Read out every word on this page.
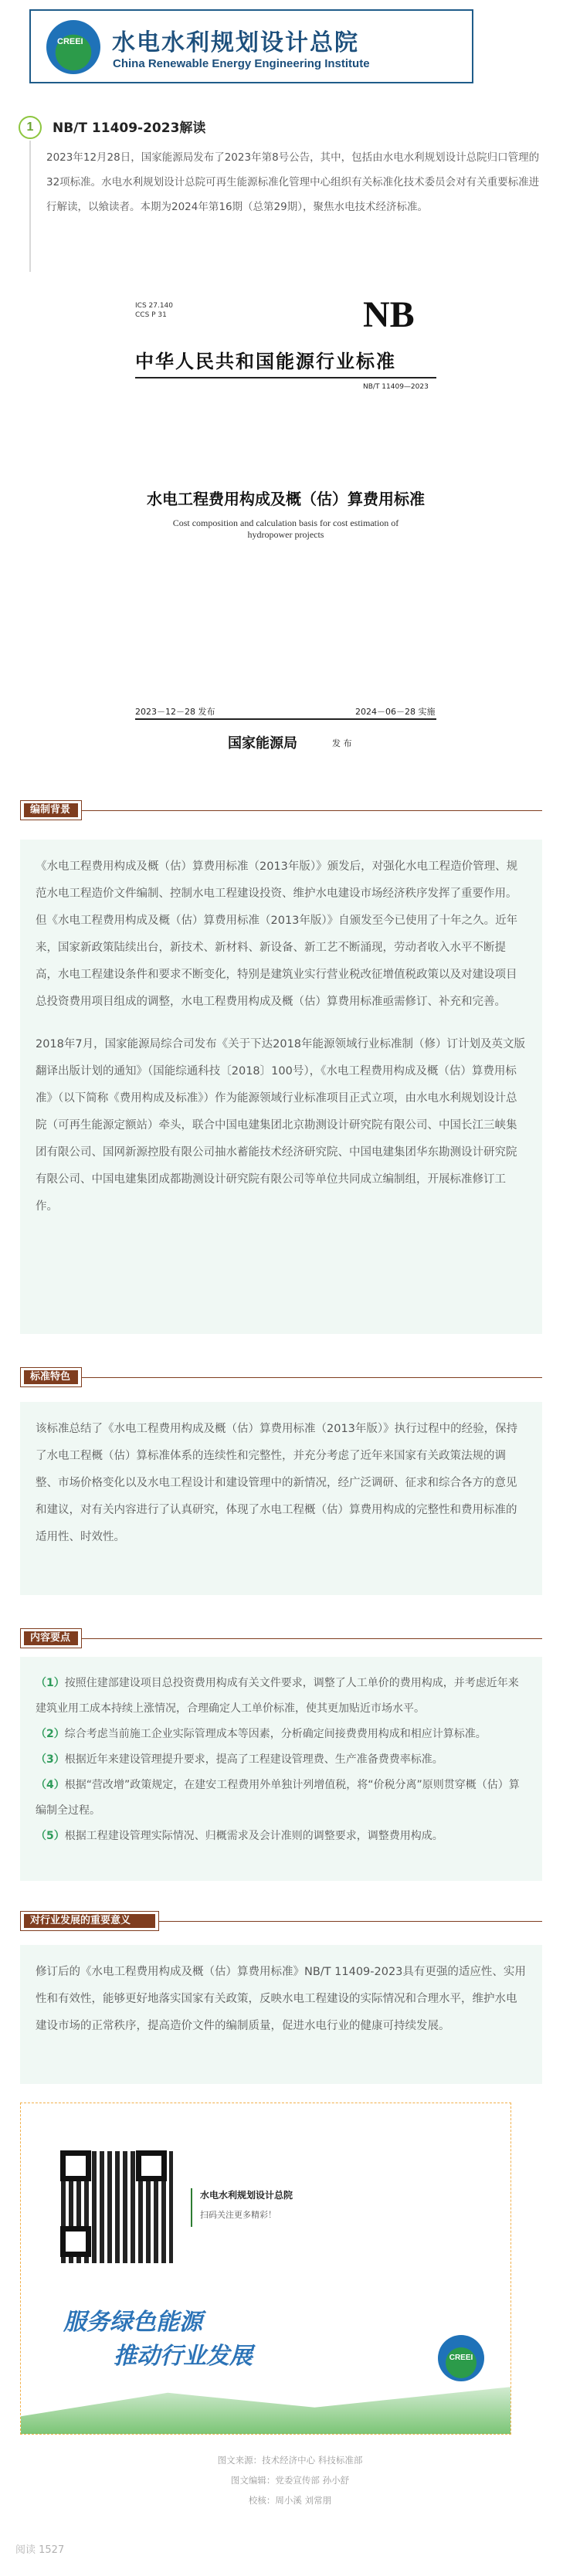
CREEI 水电水利规划设计总院
China Renewable Energy Engineering Institute
1	NB/T 11409-2023解读
2023年12月28日，国家能源局发布了2023年第8号公告，其中，包括由水电水利规划设计总院归口管理的32项标准。水电水利规划设计总院可再生能源标准化管理中心组织有关标准化技术委员会对有关重要标准进行解读，以飨读者。本期为2024年第16期（总第29期），聚焦水电技术经济标准。
ICS 27.140
CCS P 31	NB
中华人民共和国能源行业标准
NB/T 11409—2023
水电工程费用构成及概（估）算费用标准
Cost composition and calculation basis for cost estimation of hydropower projects
2023－12－28 发布	2024－06－28 实施
国家能源局	发 布
编制背景

《水电工程费用构成及概（估）算费用标准（2013年版）》颁发后，对强化水电工程造价管理、规范水电工程造价文件编制、控制水电工程建设投资、维护水电建设市场经济秩序发挥了重要作用。但《水电工程费用构成及概（估）算费用标准（2013年版）》自颁发至今已使用了十年之久。近年来，国家新政策陆续出台，新技术、新材料、新设备、新工艺不断涌现，劳动者收入水平不断提高，水电工程建设条件和要求不断变化，特别是建筑业实行营业税改征增值税政策以及对建设项目总投资费用项目组成的调整，水电工程费用构成及概（估）算费用标准亟需修订、补充和完善。

2018年7月，国家能源局综合司发布《关于下达2018年能源领域行业标准制（修）订计划及英文版翻译出版计划的通知》（国能综通科技〔2018〕100号），《水电工程费用构成及概（估）算费用标准》（以下简称《费用构成及标准》）作为能源领域行业标准项目正式立项，由水电水利规划设计总院（可再生能源定额站）牵头，联合中国电建集团北京勘测设计研究院有限公司、中国长江三峡集团有限公司、国网新源控股有限公司抽水蓄能技术经济研究院、中国电建集团华东勘测设计研究院有限公司、中国电建集团成都勘测设计研究院有限公司等单位共同成立编制组，开展标准修订工作。

标准特色

该标准总结了《水电工程费用构成及概（估）算费用标准（2013年版）》执行过程中的经验，保持了水电工程概（估）算标准体系的连续性和完整性，并充分考虑了近年来国家有关政策法规的调整、市场价格变化以及水电工程设计和建设管理中的新情况，经广泛调研、征求和综合各方的意见和建议，对有关内容进行了认真研究，体现了水电工程概（估）算费用构成的完整性和费用标准的适用性、时效性。

内容要点
（1）按照住建部建设项目总投资费用构成有关文件要求，调整了人工单价的费用构成，并考虑近年来建筑业用工成本持续上涨情况，合理确定人工单价标准，使其更加贴近市场水平。
（2）综合考虑当前施工企业实际管理成本等因素，分析确定间接费费用构成和相应计算标准。
（3）根据近年来建设管理提升要求，提高了工程建设管理费、生产准备费费率标准。
（4）根据“营改增”政策规定，在建安工程费用外单独计列增值税，将“价税分离”原则贯穿概（估）算编制全过程。
（5）根据工程建设管理实际情况、归概需求及会计准则的调整要求，调整费用构成。
对行业发展的重要意义

修订后的《水电工程费用构成及概（估）算费用标准》NB/T 11409-2023具有更强的适应性、实用性和有效性，能够更好地落实国家有关政策，反映水电工程建设的实际情况和合理水平，维护水电建设市场的正常秩序，提高造价文件的编制质量，促进水电行业的健康可持续发展。

水电水利规划设计总院
扫码关注更多精彩！
服务绿色能源
推动行业发展	CREEI
图文来源：技术经济中心 科技标准部
图文编辑：党委宣传部 孙小舒
校核：周小溪 刘常朋
阅读 1527
